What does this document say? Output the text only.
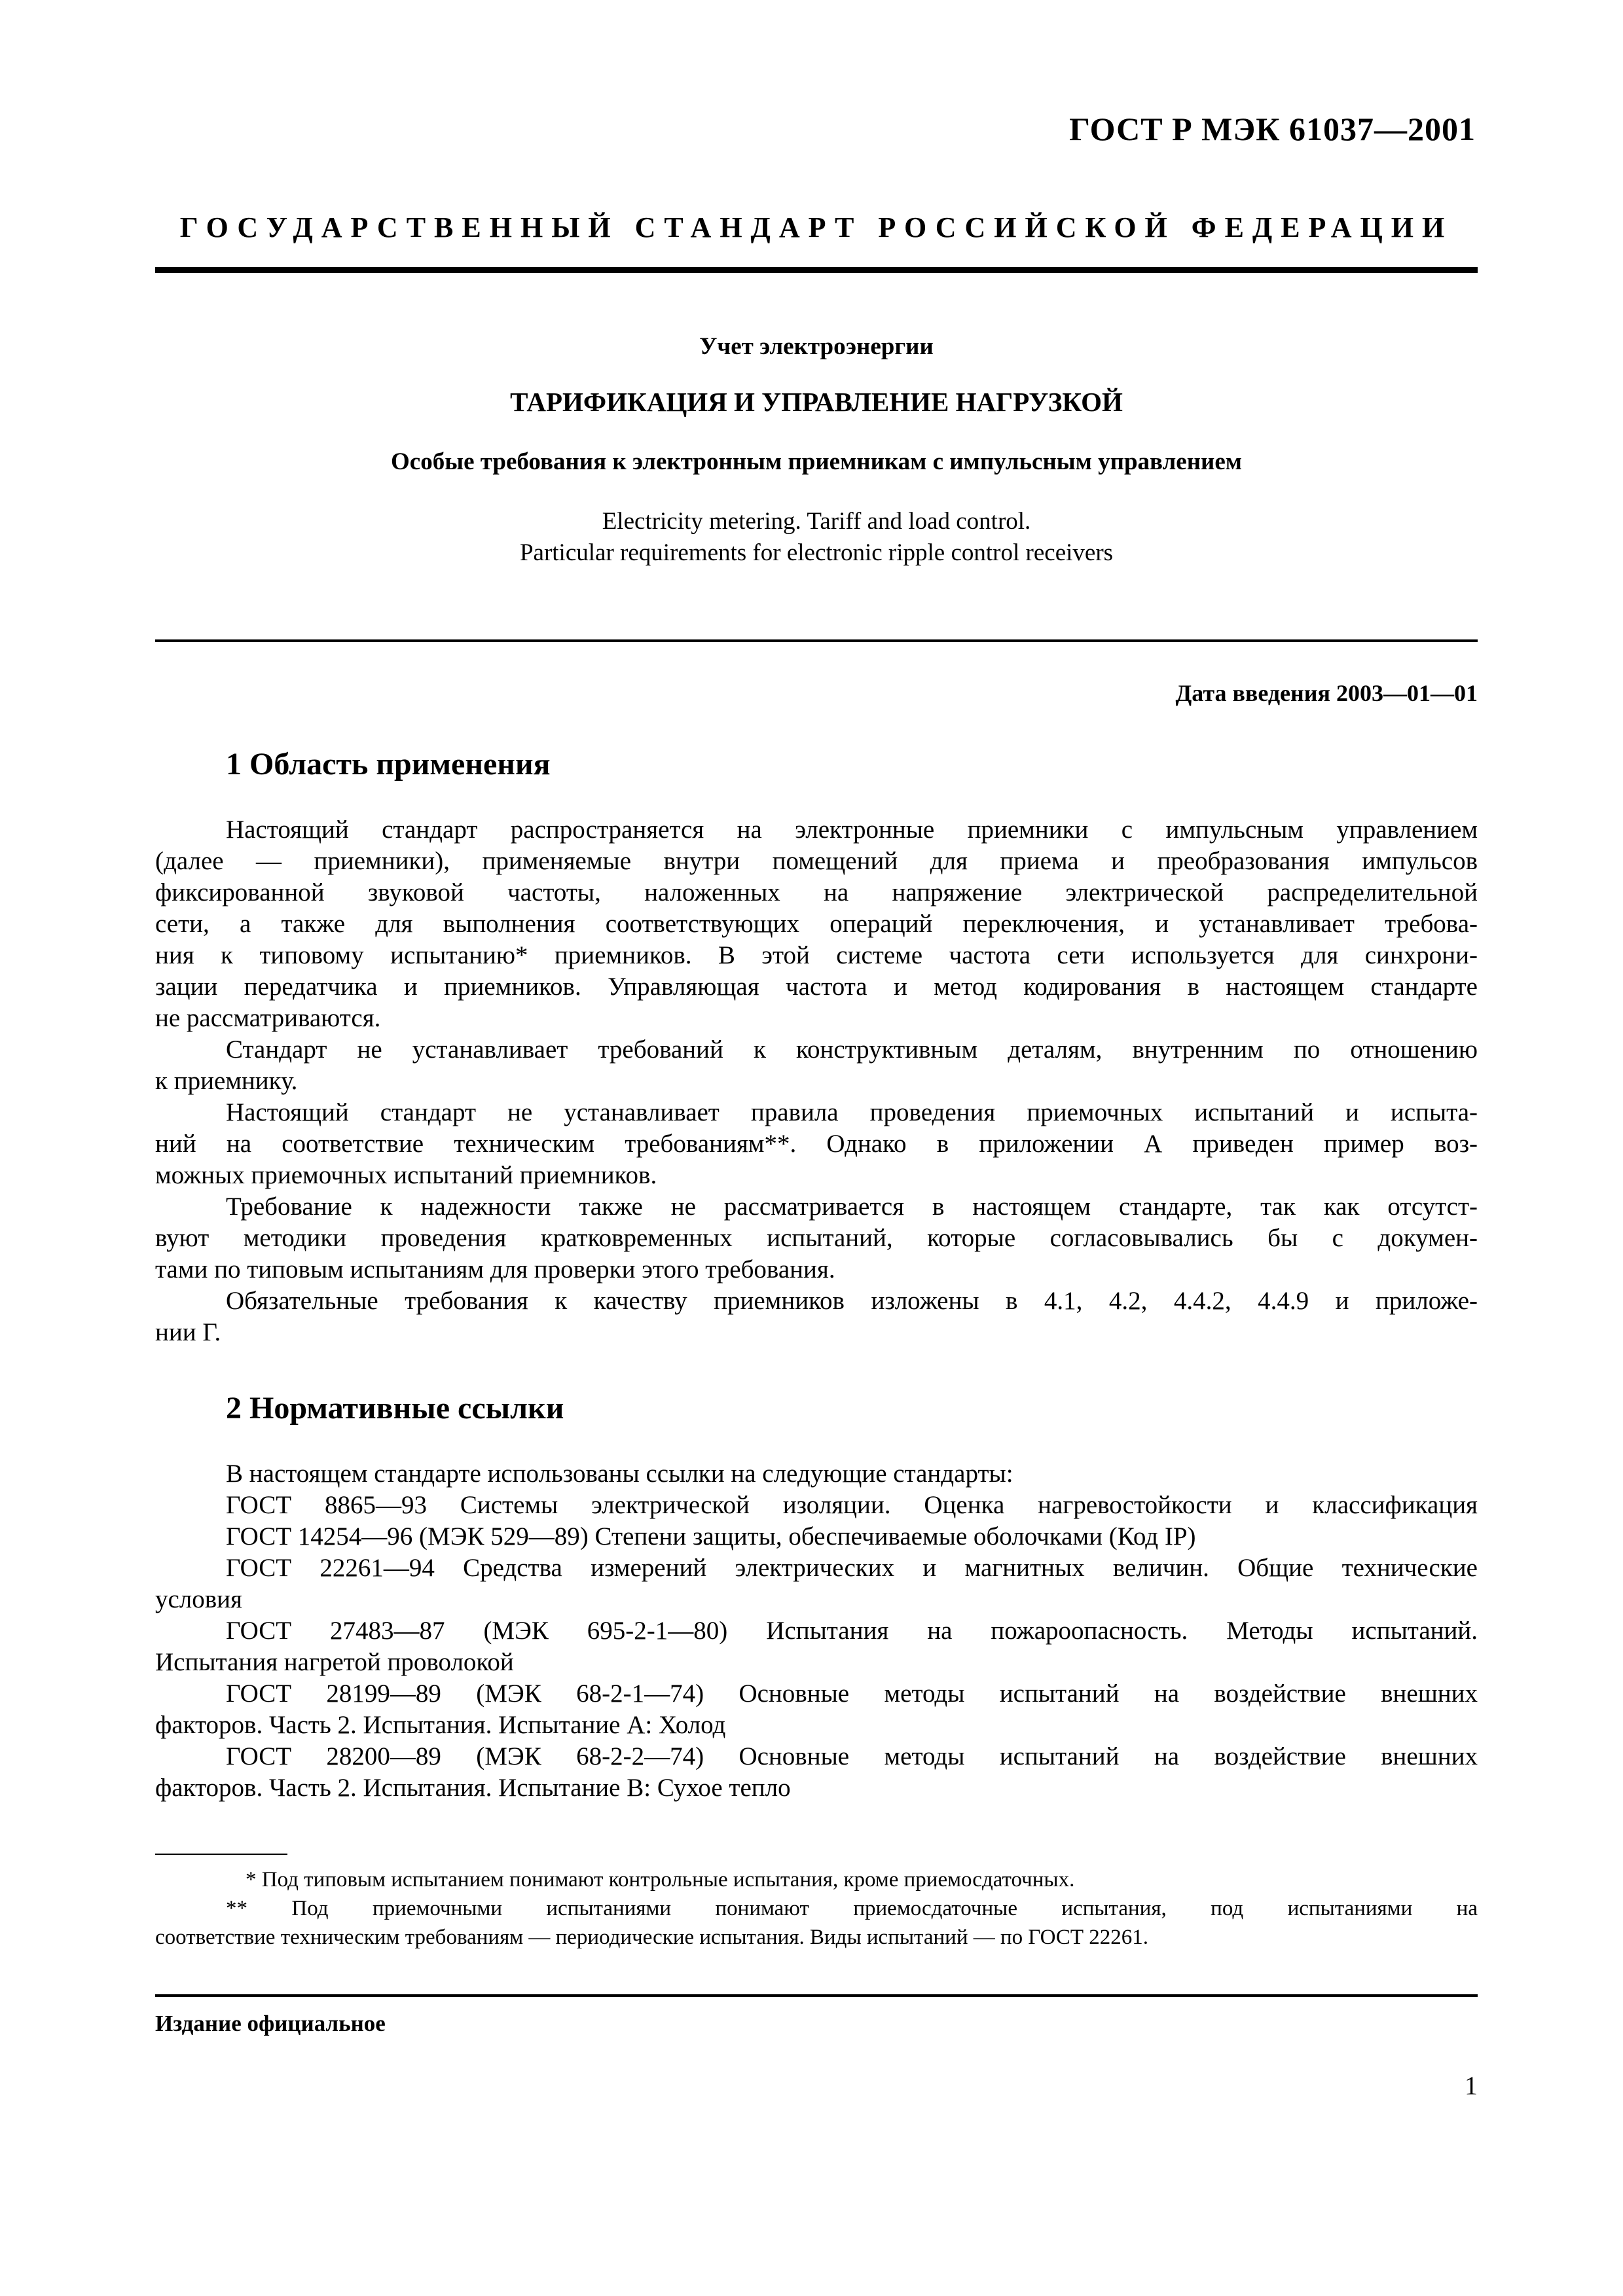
ГОСТ Р МЭК 61037—2001
ГОСУДАРСТВЕННЫЙ СТАНДАРТ РОССИЙСКОЙ ФЕДЕРАЦИИ
Учет электроэнергии
ТАРИФИКАЦИЯ И УПРАВЛЕНИЕ НАГРУЗКОЙ
Особые требования к электронным приемникам с импульсным управлением
Electricity metering. Tariff and load control.
Particular requirements for electronic ripple control receivers
Дата введения 2003—01—01
1 Область применения
Настоящий стандарт распространяется на электронные приемники с импульсным управлением
(далее — приемники), применяемые внутри помещений для приема и преобразования импульсов
фиксированной звуковой частоты, наложенных на напряжение электрической распределительной
сети, а также для выполнения соответствующих операций переключения, и устанавливает требова-
ния к типовому испытанию* приемников. В этой системе частота сети используется для синхрони-
зации передатчика и приемников. Управляющая частота и метод кодирования в настоящем стандарте
не рассматриваются.
Стандарт не устанавливает требований к конструктивным деталям, внутренним по отношению
к приемнику.
Настоящий стандарт не устанавливает правила проведения приемочных испытаний и испыта-
ний на соответствие техническим требованиям**. Однако в приложении А приведен пример воз-
можных приемочных испытаний приемников.
Требование к надежности также не рассматривается в настоящем стандарте, так как отсутст-
вуют методики проведения кратковременных испытаний, которые согласовывались бы с докумен-
тами по типовым испытаниям для проверки этого требования.
Обязательные требования к качеству приемников изложены в 4.1, 4.2, 4.4.2, 4.4.9 и приложе-
нии Г.
2 Нормативные ссылки
В настоящем стандарте использованы ссылки на следующие стандарты:
ГОСТ 8865—93 Системы электрической изоляции. Оценка нагревостойкости и классификация
ГОСТ 14254—96 (МЭК 529—89) Степени защиты, обеспечиваемые оболочками (Код IP)
ГОСТ 22261—94 Средства измерений электрических и магнитных величин. Общие технические
условия
ГОСТ 27483—87 (МЭК 695-2-1—80) Испытания на пожароопасность. Методы испытаний.
Испытания нагретой проволокой
ГОСТ 28199—89 (МЭК 68-2-1—74) Основные методы испытаний на воздействие внешних
факторов. Часть 2. Испытания. Испытание А: Холод
ГОСТ 28200—89 (МЭК 68-2-2—74) Основные методы испытаний на воздействие внешних
факторов. Часть 2. Испытания. Испытание В: Сухое тепло
* Под типовым испытанием понимают контрольные испытания, кроме приемосдаточных.
** Под приемочными испытаниями понимают приемосдаточные испытания, под испытаниями на
соответствие техническим требованиям — периодические испытания. Виды испытаний — по ГОСТ 22261.
Издание официальное
1
